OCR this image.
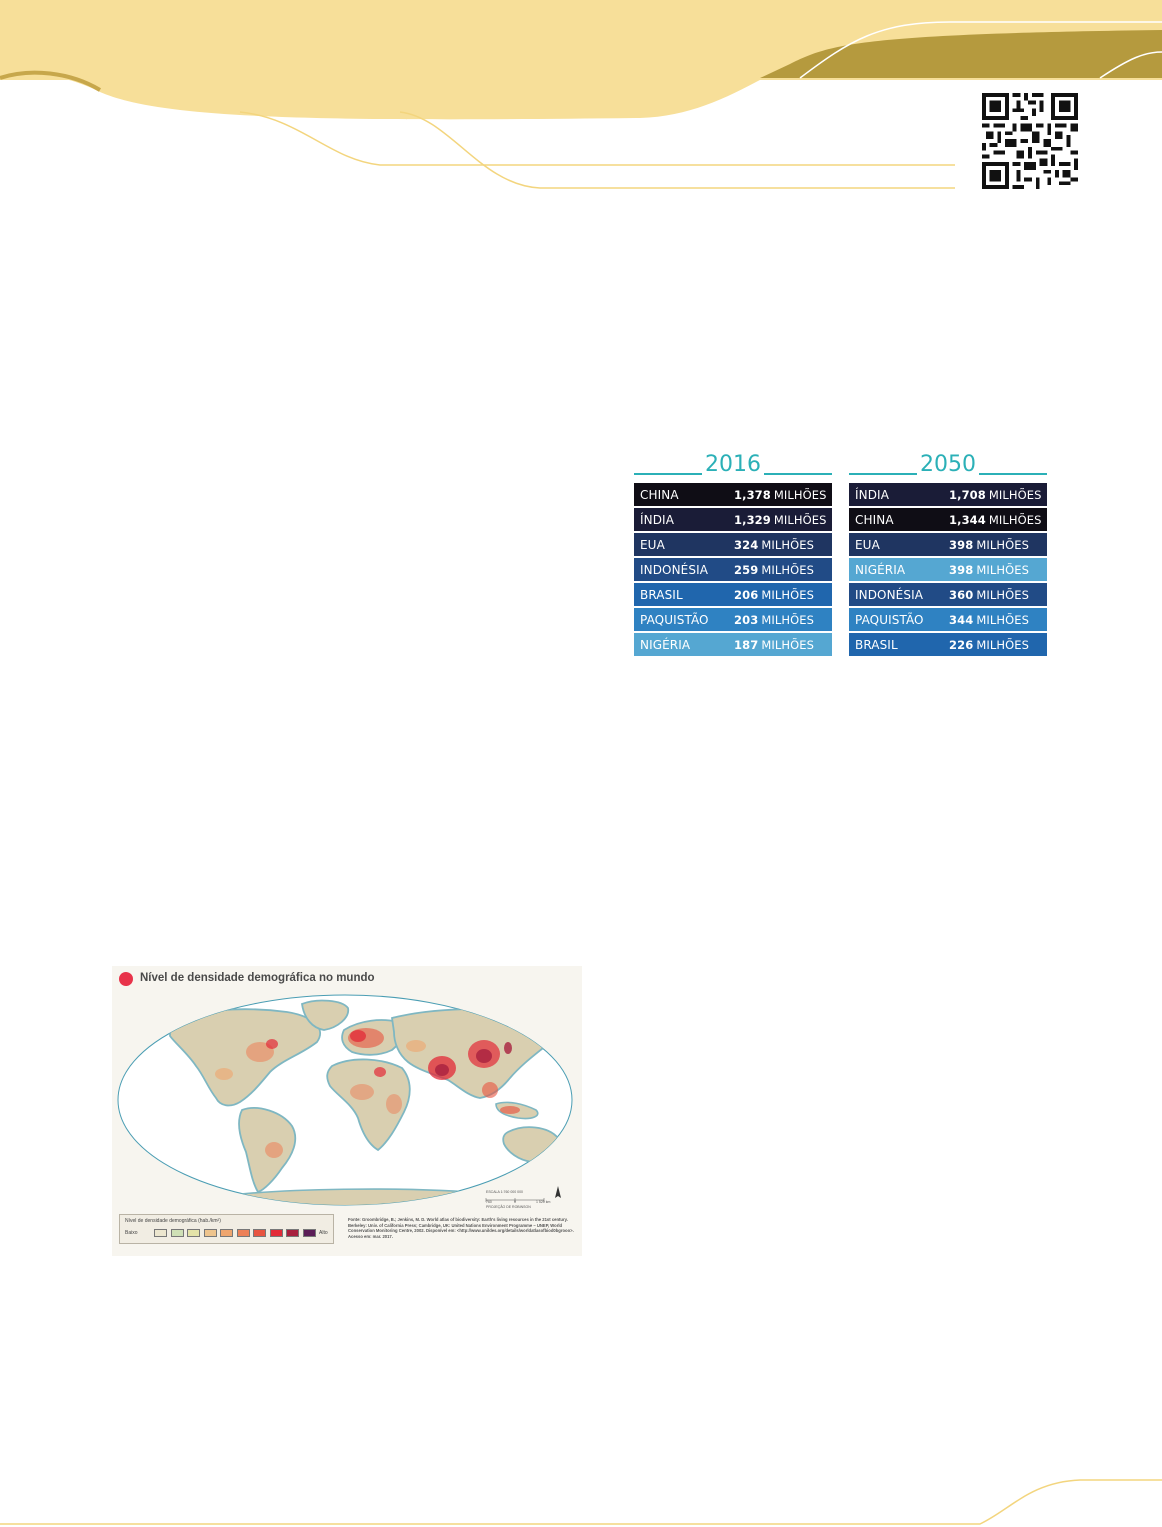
2016
CHINA	1,378 MILHÕES
ÍNDIA	1,329 MILHÕES
EUA	324 MILHÕES
INDONÉSIA	259 MILHÕES
BRASIL	206 MILHÕES
PAQUISTÃO	203 MILHÕES
NIGÉRIA	187 MILHÕES
2050
ÍNDIA	1,708 MILHÕES
CHINA	1,344 MILHÕES
EUA	398 MILHÕES
NIGÉRIA	398 MILHÕES
INDONÉSIA	360 MILHÕES
PAQUISTÃO	344 MILHÕES
BRASIL	226 MILHÕES
Nível de densidade demográfica no mundo
ESCALA 1:760 000 000
760	0	1 520 km
PROJEÇÃO DE ROBINSON
Nível de densidade demográfica (hab./km²)
Baixo	Alto
Fonte: Groombridge, B.; Jenkins, M. D. World atlas of biodiversity: Earth's living resources in the 21st century. Berkeley: Univ. of California Press; Cambridge, UK: United Nations Environment Programme – UNEP, World Conservation Monitoring Centre, 2002. Disponível em: <http://www.unildes.org/details/worldatlasofbiod0bgrooo>. Acesso em: mar. 2017.
